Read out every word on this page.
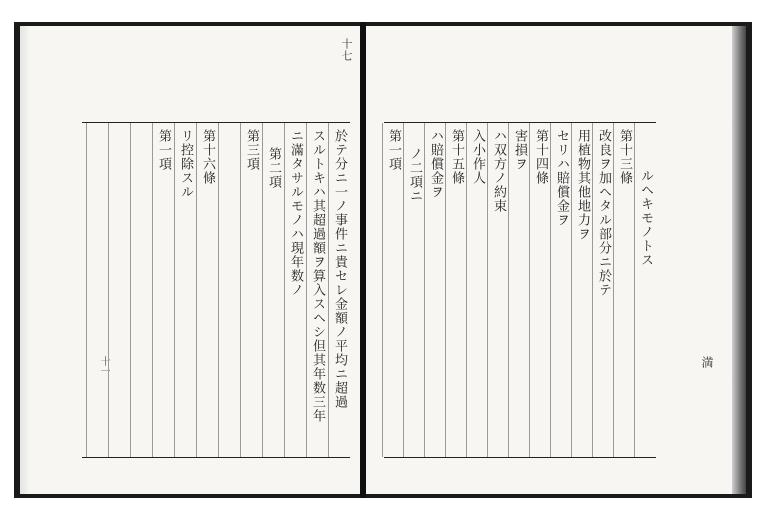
十七
十一	於テ分ニ一ノ事件ニ貴セレ金額ノ平均ニ超過
スルトキハ其超過額ヲ算入スヘシ但其年数三年
ニ滿タサルモノハ現年数ノ
第二項
第三項
第十六條
リ控除スル
第一項
満
ルヘキモノトス
第十三條
改良ヲ加ヘタル部分ニ於テ
用植物其他地力ヲ
セリハ賠償金ヲ
第十四條
害損ヲ
ハ双方ノ約束
入小作人
第十五條
ハ賠償金ヲ
ノ二項ニ
第一項
